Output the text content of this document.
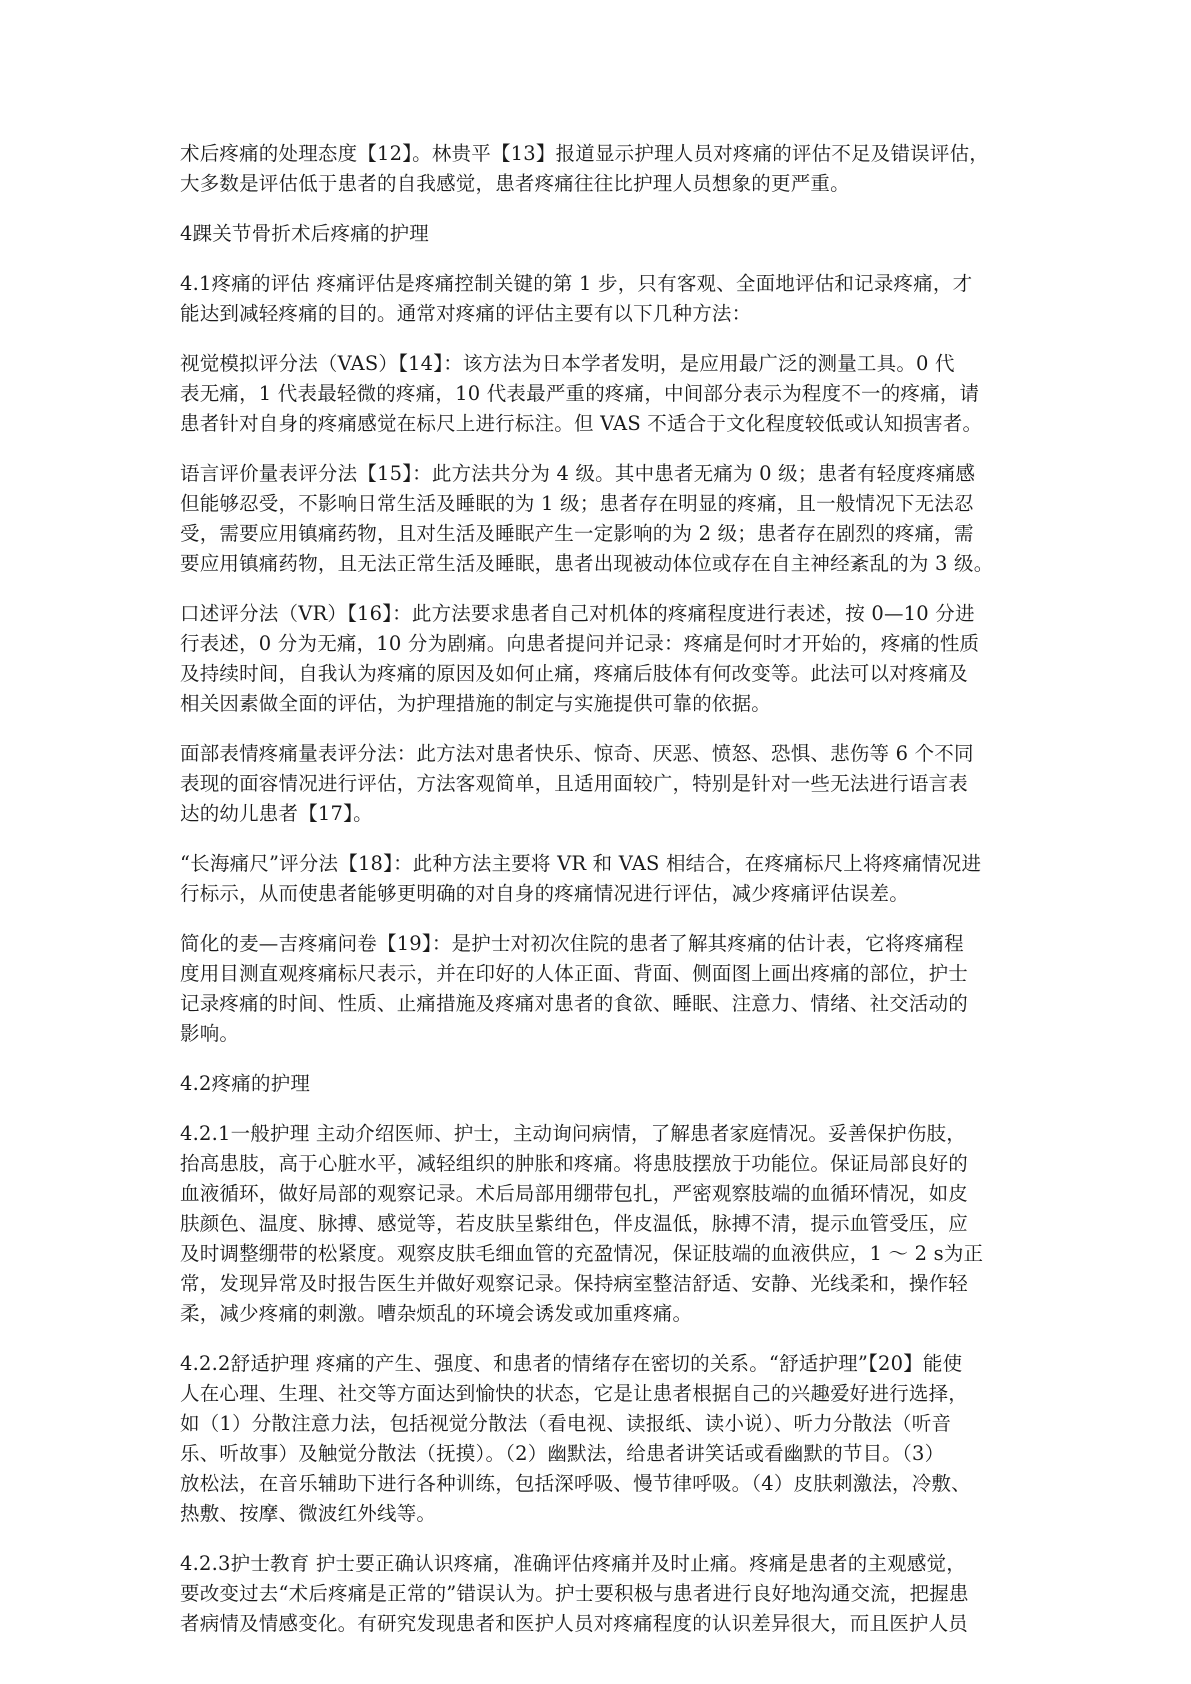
术后疼痛的处理态度【12】。林贵平【13】报道显示护理人员对疼痛的评估不足及错误评估，
大多数是评估低于患者的自我感觉，患者疼痛往往比护理人员想象的更严重。
4踝关节骨折术后疼痛的护理
4.1疼痛的评估 疼痛评估是疼痛控制关键的第 1 步，只有客观、全面地评估和记录疼痛，才
能达到减轻疼痛的目的。通常对疼痛的评估主要有以下几种方法：
视觉模拟评分法（VAS）【14】：该方法为日本学者发明，是应用最广泛的测量工具。0 代
表无痛，1 代表最轻微的疼痛，10 代表最严重的疼痛，中间部分表示为程度不一的疼痛，请
患者针对自身的疼痛感觉在标尺上进行标注。但 VAS 不适合于文化程度较低或认知损害者。
语言评价量表评分法【15】：此方法共分为 4 级。其中患者无痛为 0 级；患者有轻度疼痛感
但能够忍受，不影响日常生活及睡眠的为 1 级；患者存在明显的疼痛，且一般情况下无法忍
受，需要应用镇痛药物，且对生活及睡眠产生一定影响的为 2 级；患者存在剧烈的疼痛，需
要应用镇痛药物，且无法正常生活及睡眠，患者出现被动体位或存在自主神经紊乱的为 3 级。
口述评分法（VR）【16】：此方法要求患者自己对机体的疼痛程度进行表述，按 0—10 分进
行表述，0 分为无痛，10 分为剧痛。向患者提问并记录：疼痛是何时才开始的，疼痛的性质
及持续时间，自我认为疼痛的原因及如何止痛，疼痛后肢体有何改变等。此法可以对疼痛及
相关因素做全面的评估，为护理措施的制定与实施提供可靠的依据。
面部表情疼痛量表评分法：此方法对患者快乐、惊奇、厌恶、愤怒、恐惧、悲伤等 6 个不同
表现的面容情况进行评估，方法客观简单，且适用面较广，特别是针对一些无法进行语言表
达的幼儿患者【17】。
“长海痛尺”评分法【18】：此种方法主要将 VR 和 VAS 相结合，在疼痛标尺上将疼痛情况进
行标示，从而使患者能够更明确的对自身的疼痛情况进行评估，减少疼痛评估误差。
简化的麦—吉疼痛问卷【19】：是护士对初次住院的患者了解其疼痛的估计表，它将疼痛程
度用目测直观疼痛标尺表示，并在印好的人体正面、背面、侧面图上画出疼痛的部位，护士
记录疼痛的时间、性质、止痛措施及疼痛对患者的食欲、睡眠、注意力、情绪、社交活动的
影响。
4.2疼痛的护理
4.2.1一般护理 主动介绍医师、护士，主动询问病情，了解患者家庭情况。妥善保护伤肢，
抬高患肢，高于心脏水平，减轻组织的肿胀和疼痛。将患肢摆放于功能位。保证局部良好的
血液循环，做好局部的观察记录。术后局部用绷带包扎，严密观察肢端的血循环情况，如皮
肤颜色、温度、脉搏、感觉等，若皮肤呈紫绀色，伴皮温低，脉搏不清，提示血管受压，应
及时调整绷带的松紧度。观察皮肤毛细血管的充盈情况，保证肢端的血液供应，1 ～ 2 s为正
常，发现异常及时报告医生并做好观察记录。保持病室整洁舒适、安静、光线柔和，操作轻
柔，减少疼痛的刺激。嘈杂烦乱的环境会诱发或加重疼痛。
4.2.2舒适护理 疼痛的产生、强度、和患者的情绪存在密切的关系。“舒适护理”【20】能使
人在心理、生理、社交等方面达到愉快的状态，它是让患者根据自己的兴趣爱好进行选择，
如（1）分散注意力法，包括视觉分散法（看电视、读报纸、读小说）、听力分散法（听音
乐、听故事）及触觉分散法（抚摸）。（2）幽默法，给患者讲笑话或看幽默的节目。（3）
放松法，在音乐辅助下进行各种训练，包括深呼吸、慢节律呼吸。（4）皮肤刺激法，冷敷、
热敷、按摩、微波红外线等。
4.2.3护士教育 护士要正确认识疼痛，准确评估疼痛并及时止痛。疼痛是患者的主观感觉，
要改变过去“术后疼痛是正常的”错误认为。护士要积极与患者进行良好地沟通交流，把握患
者病情及情感变化。有研究发现患者和医护人员对疼痛程度的认识差异很大，而且医护人员
